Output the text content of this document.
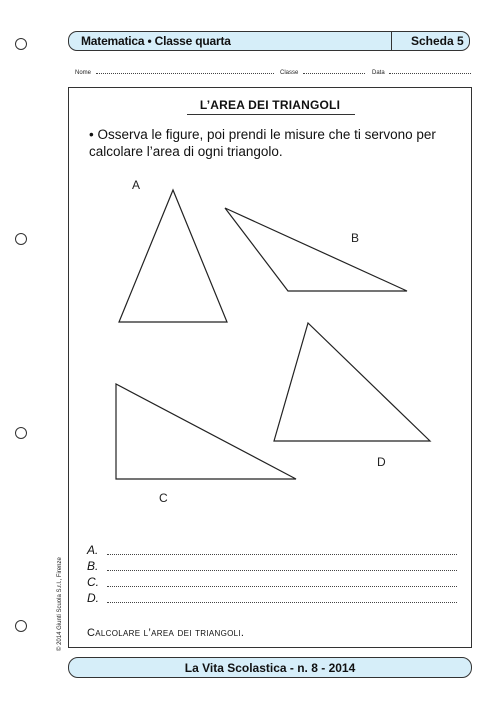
Matematica • Classe quarta	Scheda 5
Nome	Classe	Data
L’AREA DEI TRIANGOLI
• Osserva le figure, poi prendi le misure che ti servono per calcolare l’area di ogni triangolo.
A
B
C
D
A.
B.
C.
D.
Calcolare l’area dei triangoli.
© 2014 Giunti Scuola S.r.l., Firenze
La Vita Scolastica - n. 8 - 2014
